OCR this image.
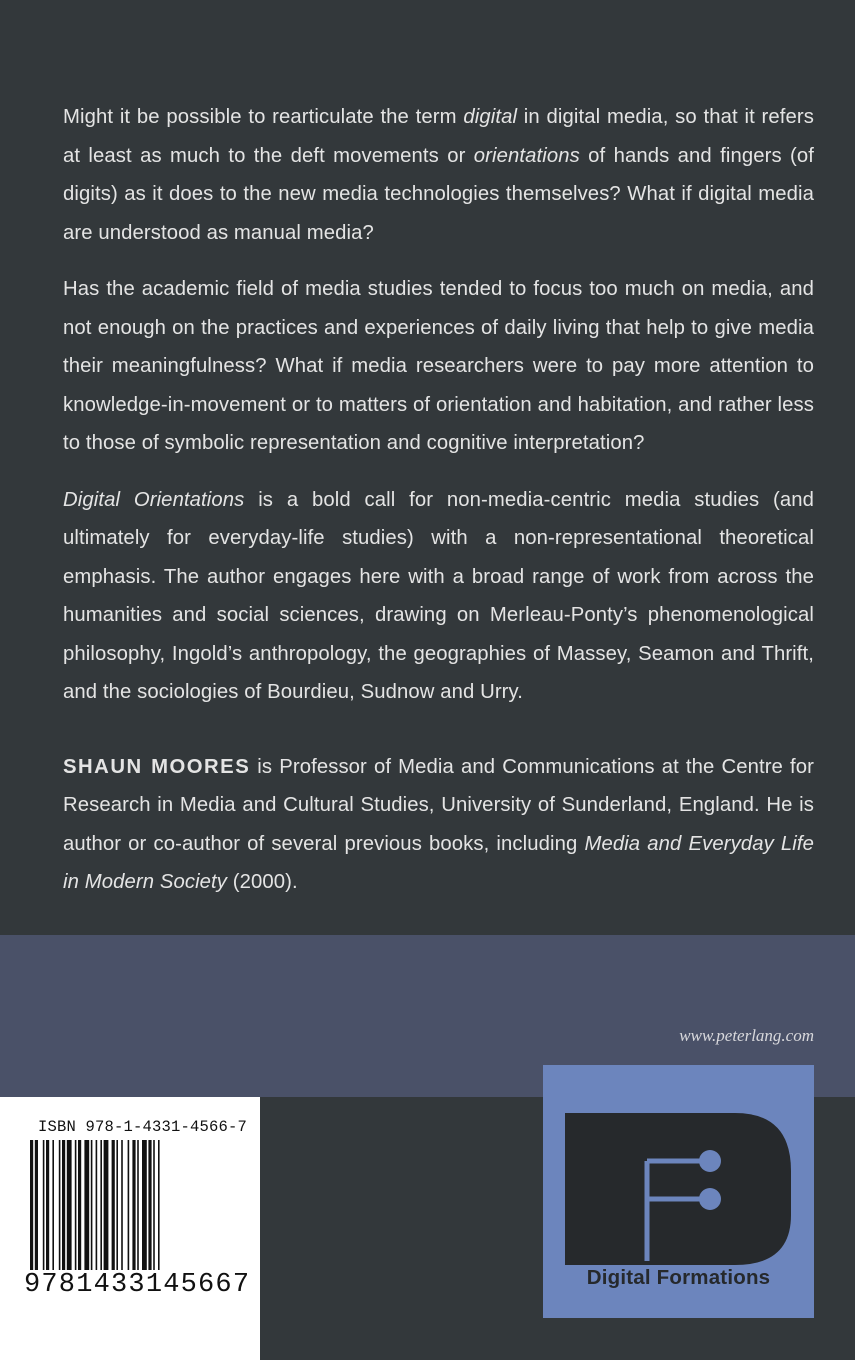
Might it be possible to rearticulate the term digital in digital media, so that it refers at least as much to the deft movements or orientations of hands and fingers (of digits) as it does to the new media technologies themselves? What if digital media are understood as manual media?

Has the academic field of media studies tended to focus too much on media, and not enough on the practices and experiences of daily living that help to give media their meaningfulness? What if media researchers were to pay more attention to knowledge-in-movement or to matters of orientation and habitation, and rather less to those of symbolic representation and cognitive interpretation?

Digital Orientations is a bold call for non-media-centric media studies (and ultimately for everyday-life studies) with a non-representational theoretical emphasis. The author engages here with a broad range of work from across the humanities and social sciences, drawing on Merleau-Ponty’s phenomenological philosophy, Ingold’s anthropology, the geographies of Massey, Seamon and Thrift, and the sociologies of Bourdieu, Sudnow and Urry.

SHAUN MOORES is Professor of Media and Communications at the Centre for Research in Media and Cultural Studies, University of Sunderland, England. He is author or co-author of several previous books, including Media and Everyday Life in Modern Society (2000).

www.peterlang.com
ISBN 978-1-4331-4566-7
9781433145667	Digital Formations
